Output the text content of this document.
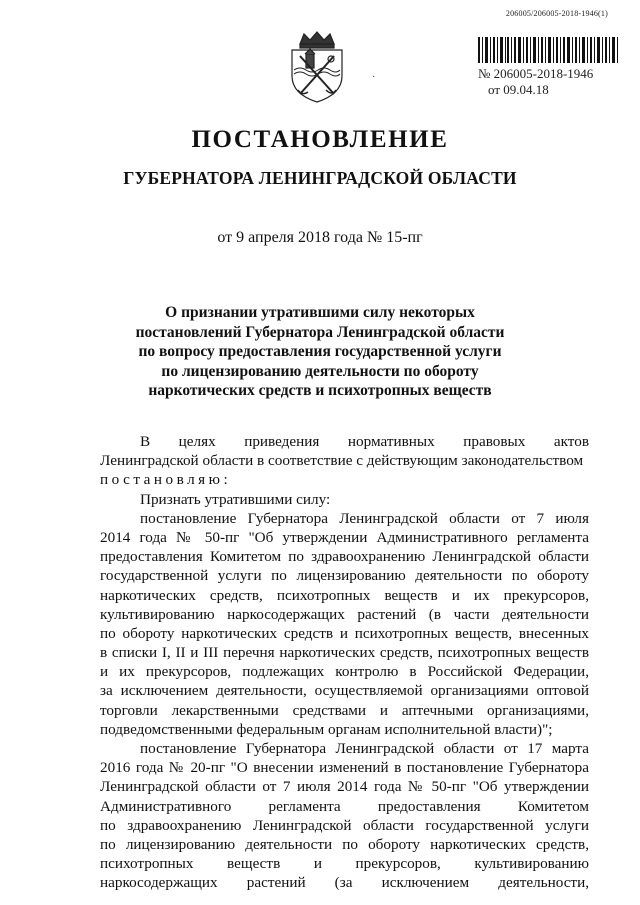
206005/206005-2018-1946(1)
·	№ 206005-2018-1946
от 09.04.18
ПОСТАНОВЛЕНИЕ
ГУБЕРНАТОРА ЛЕНИНГРАДСКОЙ ОБЛАСТИ
от 9 апреля 2018 года № 15-пг
О признании утратившими силу некоторых
постановлений Губернатора Ленинградской области
по вопросу предоставления государственной услуги
по лицензированию деятельности по обороту
наркотических средств и психотропных веществ
В целях приведения нормативных правовых актов
Ленинградской области в соответствие с действующим законодательством
постановляю:
Признать утратившими силу:
постановление Губернатора Ленинградской области от 7 июля
2014 года № 50-пг "Об утверждении Административного регламента
предоставления Комитетом по здравоохранению Ленинградской области
государственной услуги по лицензированию деятельности по обороту
наркотических средств, психотропных веществ и их прекурсоров,
культивированию наркосодержащих растений (в части деятельности
по обороту наркотических средств и психотропных веществ, внесенных
в списки I, II и III перечня наркотических средств, психотропных веществ
и их прекурсоров, подлежащих контролю в Российской Федерации,
за исключением деятельности, осуществляемой организациями оптовой
торговли лекарственными средствами и аптечными организациями,
подведомственными федеральным органам исполнительной власти)";
постановление Губернатора Ленинградской области от 17 марта
2016 года № 20-пг "О внесении изменений в постановление Губернатора
Ленинградской области от 7 июля 2014 года № 50-пг "Об утверждении
Административного регламента предоставления Комитетом
по здравоохранению Ленинградской области государственной услуги
по лицензированию деятельности по обороту наркотических средств,
психотропных веществ и прекурсоров, культивированию
наркосодержащих растений (за исключением деятельности,
